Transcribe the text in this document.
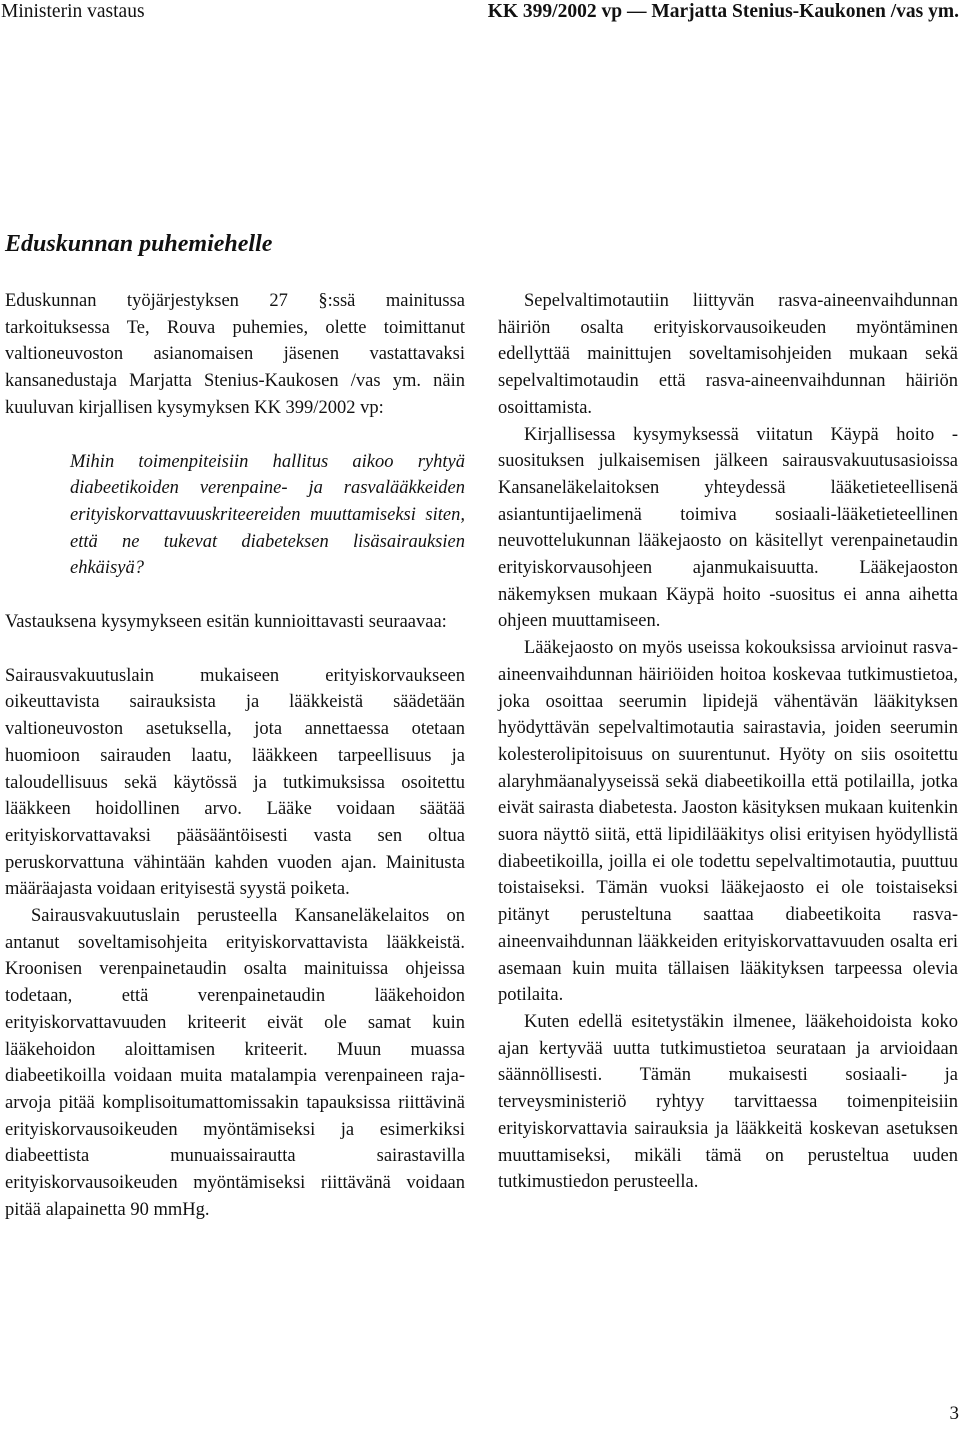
Ministerin vastaus	KK 399/2002 vp — Marjatta Stenius-Kaukonen /vas ym.
Eduskunnan puhemiehelle

Eduskunnan työjärjestyksen 27 §:ssä mainitussa tarkoituksessa Te, Rouva puhemies, olette toimittanut valtioneuvoston asianomaisen jäsenen vastattavaksi kansanedustaja Marjatta Stenius-Kaukosen /vas ym. näin kuuluvan kirjallisen kysymyksen KK 399/2002 vp:

Mihin toimenpiteisiin hallitus aikoo ryhtyä diabeetikoiden verenpaine- ja rasvalääkkeiden erityiskorvattavuuskriteereiden muuttamiseksi siten, että ne tukevat diabeteksen lisäsairauksien ehkäisyä?

Vastauksena kysymykseen esitän kunnioittavasti seuraavaa:

Sairausvakuutuslain mukaiseen erityiskorvaukseen oikeuttavista sairauksista ja lääkkeistä säädetään valtioneuvoston asetuksella, jota annettaessa otetaan huomioon sairauden laatu, lääkkeen tarpeellisuus ja taloudellisuus sekä käytössä ja tutkimuksissa osoitettu lääkkeen hoidollinen arvo. Lääke voidaan säätää erityiskorvattavaksi pääsääntöisesti vasta sen oltua peruskorvattuna vähintään kahden vuoden ajan. Mainitusta määräajasta voidaan erityisestä syystä poiketa.

Sairausvakuutuslain perusteella Kansaneläkelaitos on antanut soveltamisohjeita erityiskorvattavista lääkkeistä. Kroonisen verenpainetaudin osalta mainituissa ohjeissa todetaan, että verenpainetaudin lääkehoidon erityiskorvattavuuden kriteerit eivät ole samat kuin lääkehoidon aloittamisen kriteerit. Muun muassa diabeetikoilla voidaan muita matalampia verenpaineen raja-arvoja pitää komplisoitumattomissakin tapauksissa riittävinä erityiskorvausoikeuden myöntämiseksi ja esimerkiksi diabeettista munuaissairautta sairastavilla erityiskorvausoikeuden myöntämiseksi riittävänä voidaan pitää alapainetta 90 mmHg.

Sepelvaltimotautiin liittyvän rasva-aineenvaihdunnan häiriön osalta erityiskorvausoikeuden myöntäminen edellyttää mainittujen soveltamisohjeiden mukaan sekä sepelvaltimotaudin että rasva-aineenvaihdunnan häiriön osoittamista.

Kirjallisessa kysymyksessä viitatun Käypä hoito -suosituksen julkaisemisen jälkeen sairausvakuutusasioissa Kansaneläkelaitoksen yhteydessä lääketieteellisenä asiantuntijaelimenä toimiva sosiaali-lääketieteellinen neuvottelukunnan lääkejaosto on käsitellyt verenpainetaudin erityiskorvausohjeen ajanmukaisuutta. Lääkejaoston näkemyksen mukaan Käypä hoito -suositus ei anna aihetta ohjeen muuttamiseen.

Lääkejaosto on myös useissa kokouksissa arvioinut rasva-aineenvaihdunnan häiriöiden hoitoa koskevaa tutkimustietoa, joka osoittaa seerumin lipidejä vähentävän lääkityksen hyödyttävän sepelvaltimotautia sairastavia, joiden seerumin kolesterolipitoisuus on suurentunut. Hyöty on siis osoitettu alaryhmäanalyyseissä sekä diabeetikoilla että potilailla, jotka eivät sairasta diabetesta. Jaoston käsityksen mukaan kuitenkin suora näyttö siitä, että lipidilääkitys olisi erityisen hyödyllistä diabeetikoilla, joilla ei ole todettu sepelvaltimotautia, puuttuu toistaiseksi. Tämän vuoksi lääkejaosto ei ole toistaiseksi pitänyt perusteltuna saattaa diabeetikoita rasva-aineenvaihdunnan lääkkeiden erityiskorvattavuuden osalta eri asemaan kuin muita tällaisen lääkityksen tarpeessa olevia potilaita.

Kuten edellä esitetystäkin ilmenee, lääkehoidoista koko ajan kertyvää uutta tutkimustietoa seurataan ja arvioidaan säännöllisesti. Tämän mukaisesti sosiaali- ja terveysministeriö ryhtyy tarvittaessa toimenpiteisiin erityiskorvattavia sairauksia ja lääkkeitä koskevan asetuksen muuttamiseksi, mikäli tämä on perusteltua uuden tutkimustiedon perusteella.

3
